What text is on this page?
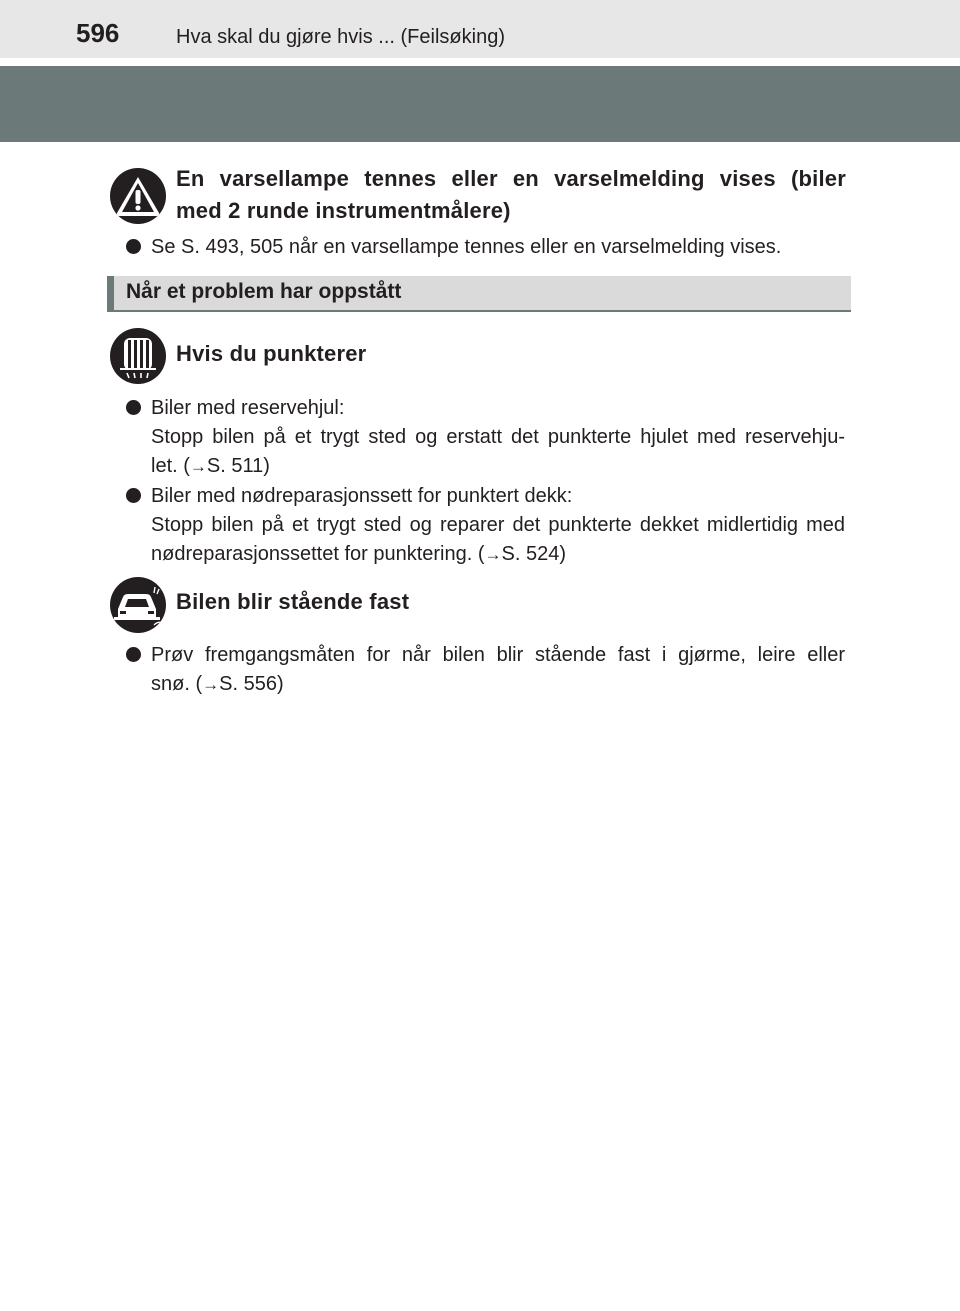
596	Hva skal du gjøre hvis ... (Feilsøking)
En varsellampe tennes eller en varselmelding vises (biler
med 2 runde instrumentmålere)
Se S. 493, 505 når en varsellampe tennes eller en varselmelding vises.
Når et problem har oppstått
Hvis du punkterer
Biler med reservehjul:
Stopp bilen på et trygt sted og erstatt det punkterte hjulet med reservehju-
let. (→S. 511)
Biler med nødreparasjonssett for punktert dekk:
Stopp bilen på et trygt sted og reparer det punkterte dekket midlertidig med
nødreparasjonssettet for punktering. (→S. 524)
Bilen blir stående fast
Prøv fremgangsmåten for når bilen blir stående fast i gjørme, leire eller
snø. (→S. 556)
